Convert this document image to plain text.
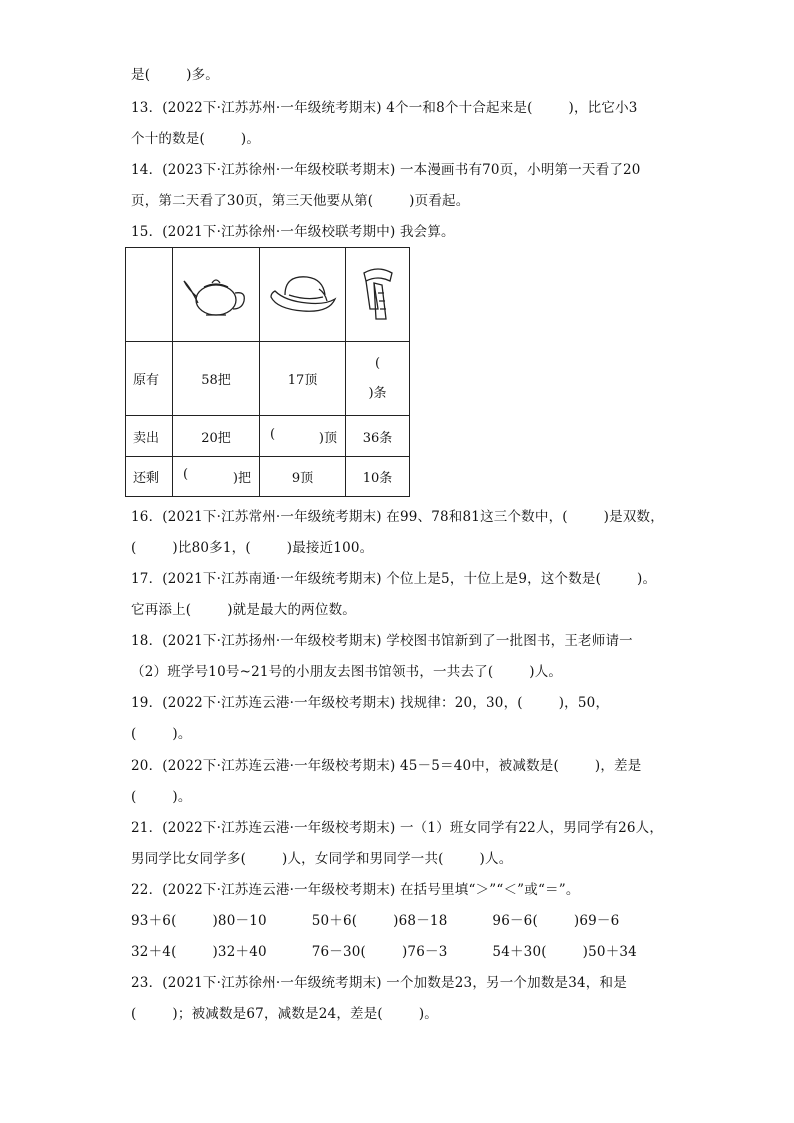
是(        )多。
13．(2022下·江苏苏州·一年级统考期末) 4个一和8个十合起来是(        )，比它小3
个十的数是(        )。
14．(2023下·江苏徐州·一年级校联考期末) 一本漫画书有70页，小明第一天看了20
页，第二天看了30页，第三天他要从第(        )页看起。
15．(2021下·江苏徐州·一年级校联考期中) 我会算。

原有	58把	17顶	(
)条

卖出	20把	( )顶	36条
还剩	( )把	9顶	10条
16．(2021下·江苏常州·一年级统考期末) 在99、78和81这三个数中，(        )是双数，
(        )比80多1，(        )最接近100。
17．(2021下·江苏南通·一年级统考期末) 个位上是5，十位上是9，这个数是(        )。
它再添上(        )就是最大的两位数。
18．(2021下·江苏扬州·一年级校考期末) 学校图书馆新到了一批图书，王老师请一
（2）班学号10号~21号的小朋友去图书馆领书，一共去了(        )人。
19．(2022下·江苏连云港·一年级校考期末) 找规律：20，30，(        )，50，
(        )。
20．(2022下·江苏连云港·一年级校考期末) 45－5＝40中，被减数是(        )，差是
(        )。
21．(2022下·江苏连云港·一年级校考期末) 一（1）班女同学有22人，男同学有26人，
男同学比女同学多(        )人，女同学和男同学一共(        )人。
22．(2022下·江苏连云港·一年级校考期末) 在括号里填“＞”“＜”或“＝”。
93＋6(        )80－10          50＋6(        )68－18          96－6(        )69－6
32＋4(        )32＋40          76－30(        )76－3          54＋30(        )50＋34
23．(2021下·江苏徐州·一年级统考期末) 一个加数是23，另一个加数是34，和是
(        )；被减数是67，减数是24，差是(        )。
